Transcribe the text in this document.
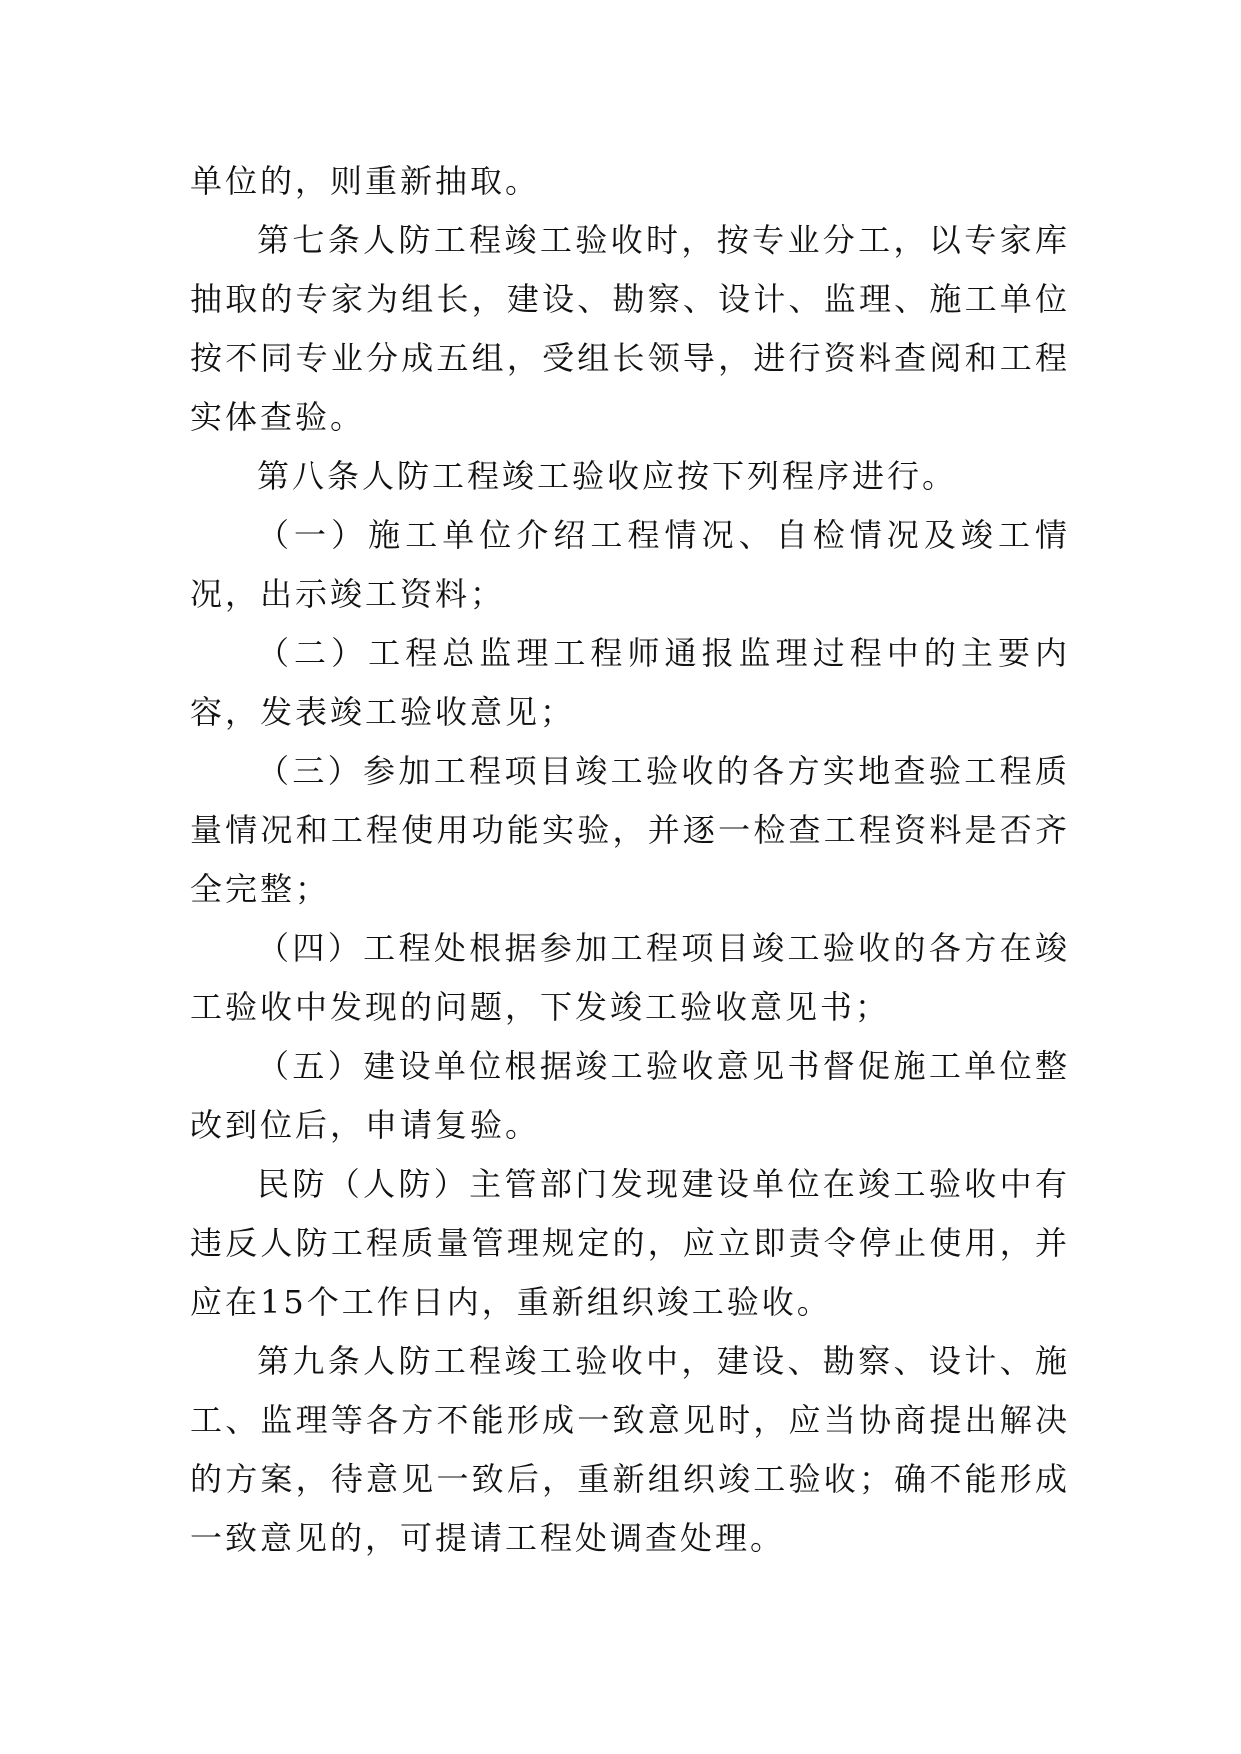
单位的，则重新抽取。

第七条人防工程竣工验收时，按专业分工，以专家库抽取的专家为组长，建设、勘察、设计、监理、施工单位按不同专业分成五组，受组长领导，进行资料查阅和工程实体查验。

第八条人防工程竣工验收应按下列程序进行。

（一）施工单位介绍工程情况、自检情况及竣工情况，出示竣工资料；

（二）工程总监理工程师通报监理过程中的主要内容，发表竣工验收意见；

（三）参加工程项目竣工验收的各方实地查验工程质量情况和工程使用功能实验，并逐一检查工程资料是否齐全完整；

（四）工程处根据参加工程项目竣工验收的各方在竣工验收中发现的问题，下发竣工验收意见书；

（五）建设单位根据竣工验收意见书督促施工单位整改到位后，申请复验。

民防（人防）主管部门发现建设单位在竣工验收中有违反人防工程质量管理规定的，应立即责令停止使用，并应在15个工作日内，重新组织竣工验收。

第九条人防工程竣工验收中，建设、勘察、设计、施工、监理等各方不能形成一致意见时，应当协商提出解决的方案，待意见一致后，重新组织竣工验收；确不能形成一致意见的，可提请工程处调查处理。
